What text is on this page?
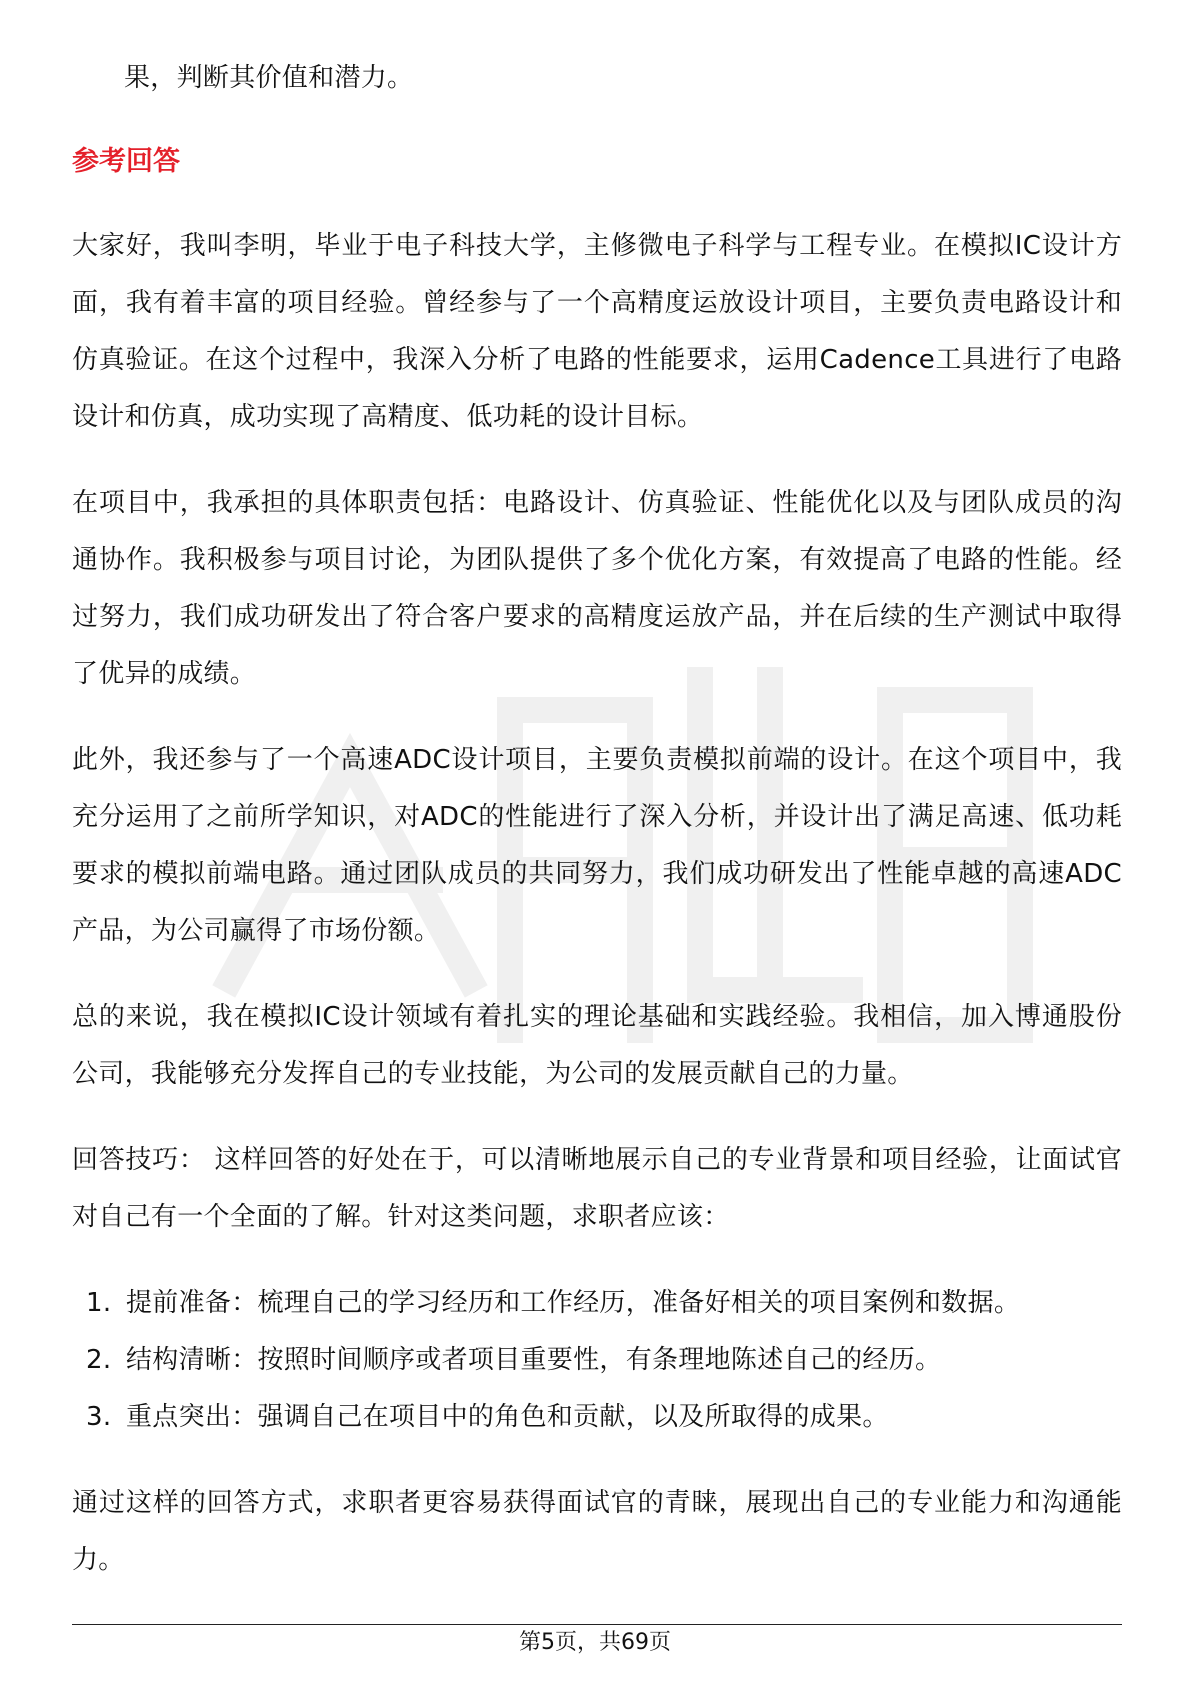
果，判断其价值和潜力。

参考回答

大家好，我叫李明，毕业于电子科技大学，主修微电子科学与工程专业。在模拟IC设计方面，我有着丰富的项目经验。曾经参与了一个高精度运放设计项目，主要负责电路设计和仿真验证。在这个过程中，我深入分析了电路的性能要求，运用Cadence工具进行了电路设计和仿真，成功实现了高精度、低功耗的设计目标。

在项目中，我承担的具体职责包括：电路设计、仿真验证、性能优化以及与团队成员的沟通协作。我积极参与项目讨论，为团队提供了多个优化方案，有效提高了电路的性能。经过努力，我们成功研发出了符合客户要求的高精度运放产品，并在后续的生产测试中取得了优异的成绩。

此外，我还参与了一个高速ADC设计项目，主要负责模拟前端的设计。在这个项目中，我充分运用了之前所学知识，对ADC的性能进行了深入分析，并设计出了满足高速、低功耗要求的模拟前端电路。通过团队成员的共同努力，我们成功研发出了性能卓越的高速ADC产品，为公司赢得了市场份额。

总的来说，我在模拟IC设计领域有着扎实的理论基础和实践经验。我相信，加入博通股份公司，我能够充分发挥自己的专业技能，为公司的发展贡献自己的力量。

回答技巧： 这样回答的好处在于，可以清晰地展示自己的专业背景和项目经验，让面试官对自己有一个全面的了解。针对这类问题，求职者应该：

1. 提前准备：梳理自己的学习经历和工作经历，准备好相关的项目案例和数据。
2. 结构清晰：按照时间顺序或者项目重要性，有条理地陈述自己的经历。
3. 重点突出：强调自己在项目中的角色和贡献，以及所取得的成果。

通过这样的回答方式，求职者更容易获得面试官的青睐，展现出自己的专业能力和沟通能力。

第5页，共69页
